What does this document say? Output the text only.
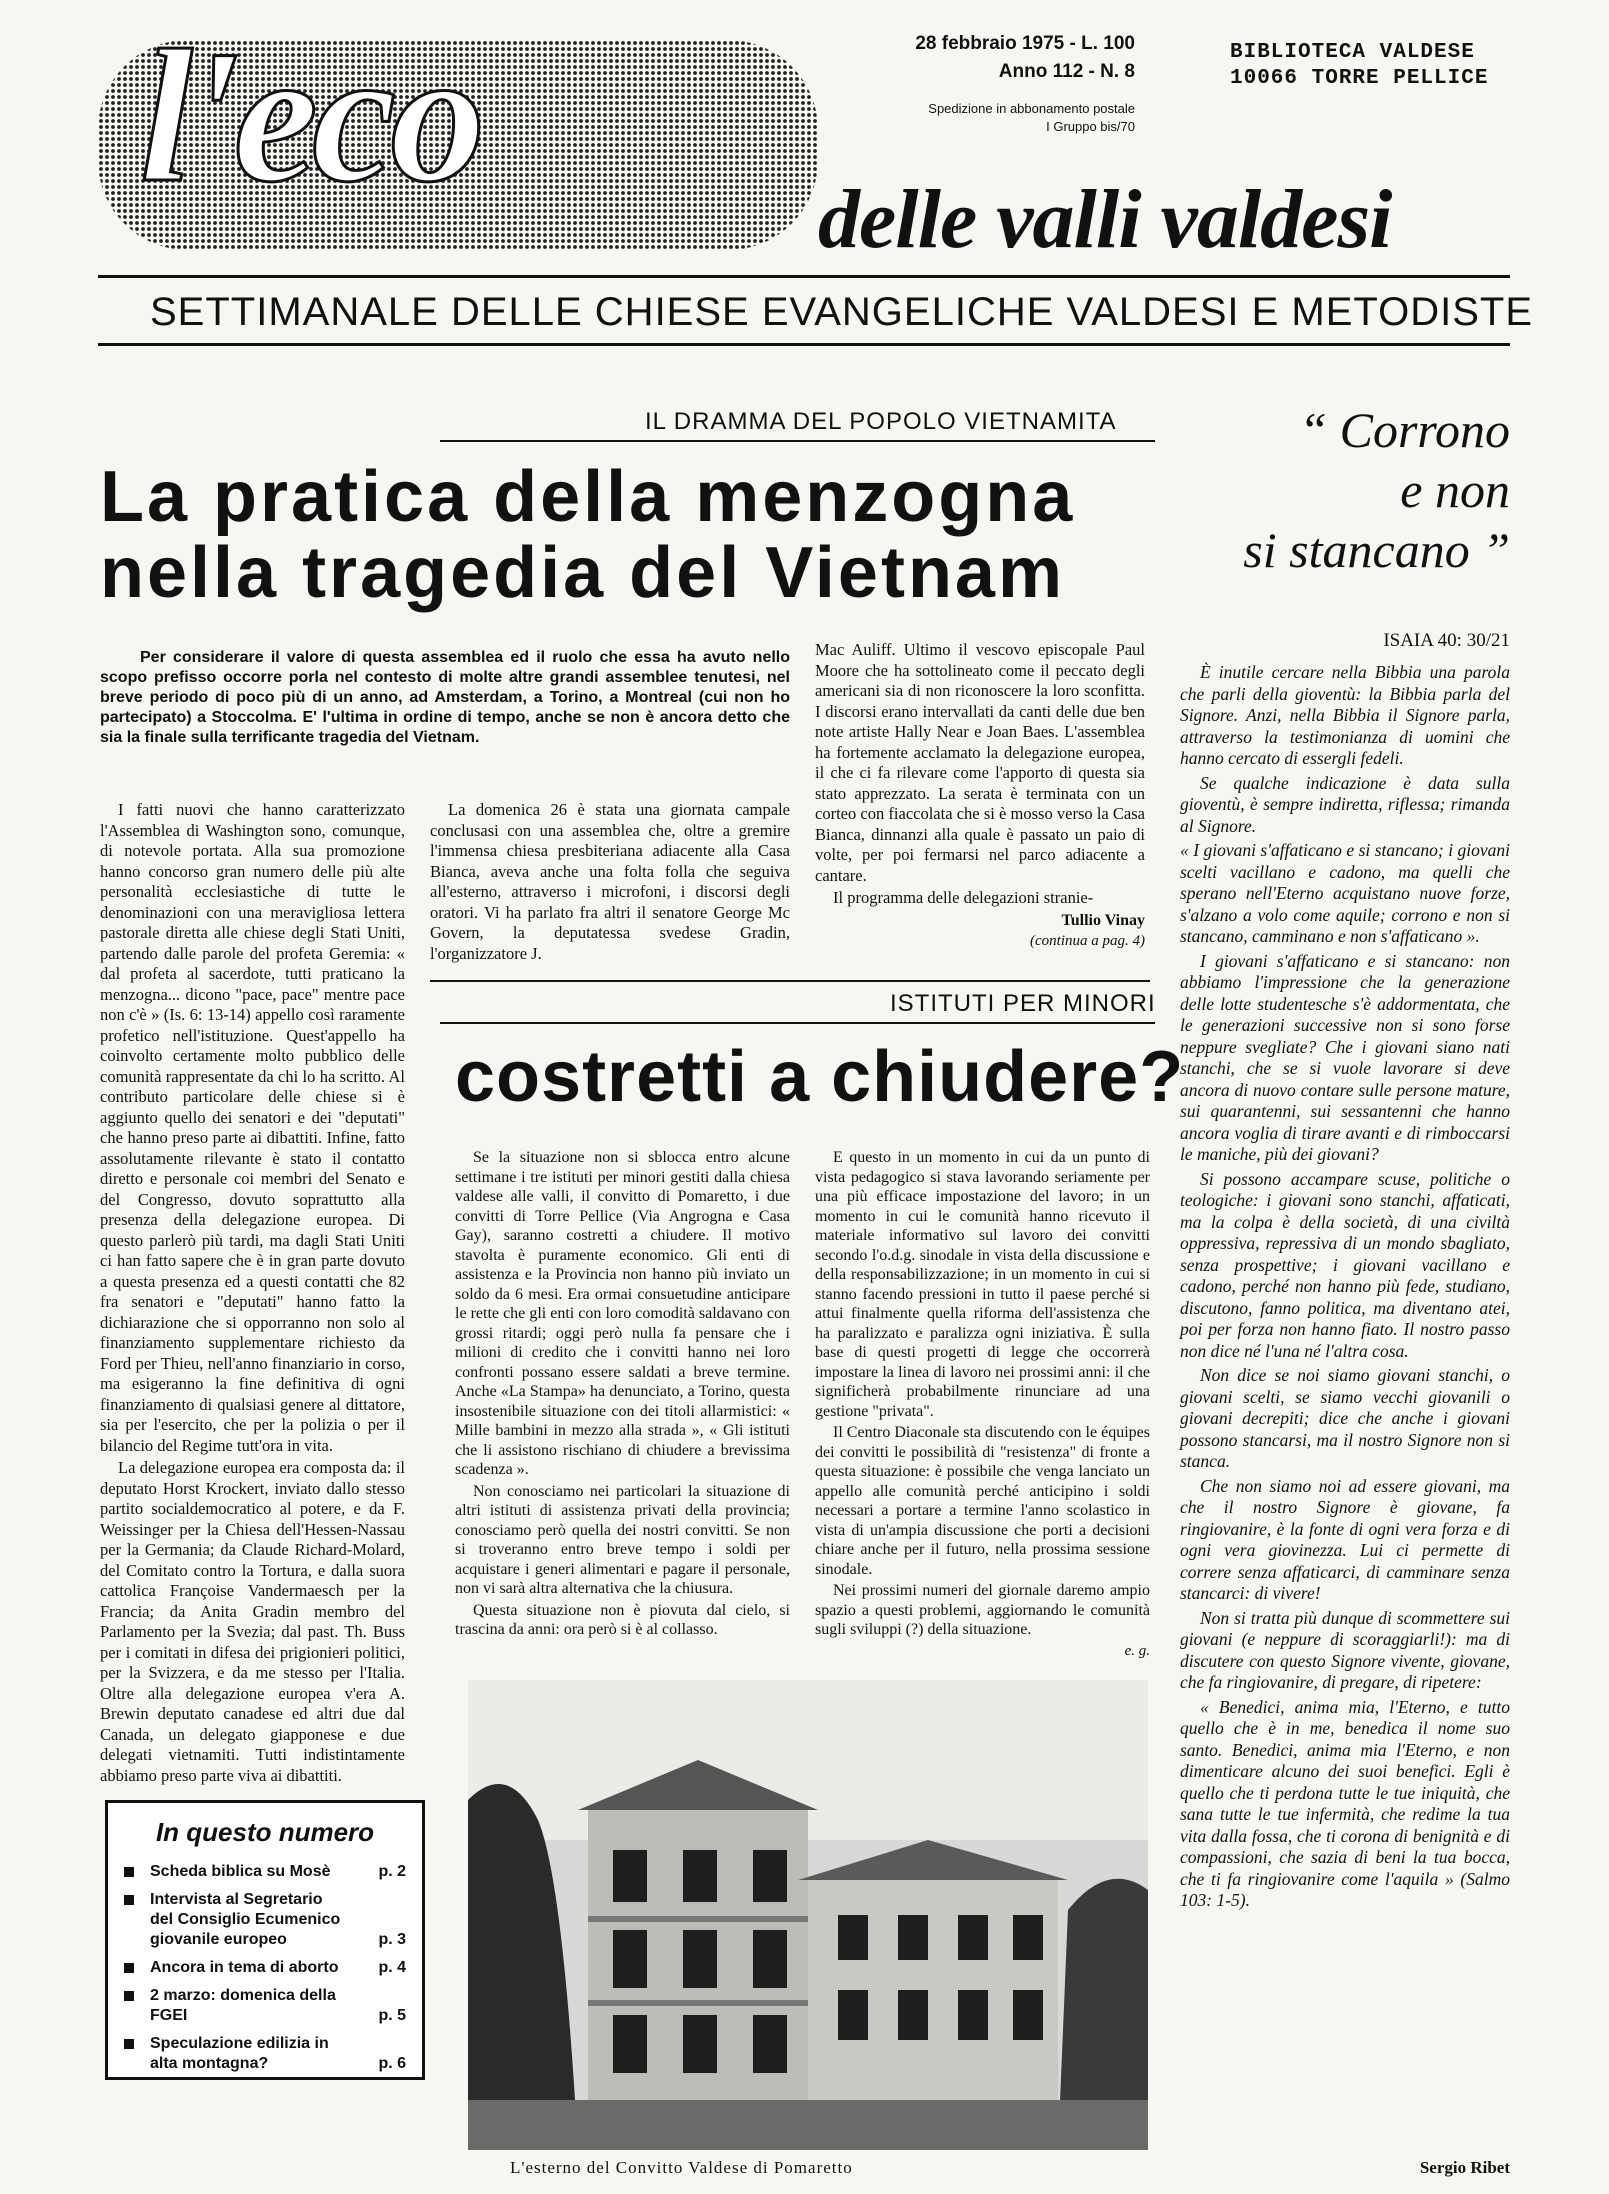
l'eco	delle valli valdesi
28 febbraio 1975 - L. 100
Anno 112 - N. 8
Spedizione in abbonamento postale
I Gruppo bis/70
BIBLIOTECA VALDESE
10066 TORRE PELLICE
SETTIMANALE DELLE CHIESE EVANGELICHE VALDESI E METODISTE
IL DRAMMA DEL POPOLO VIETNAMITA
La pratica della menzogna
nella tragedia del Vietnam
Per considerare il valore di questa assemblea ed il ruolo che essa ha avuto nello scopo prefisso occorre porla nel contesto di molte altre grandi assemblee tenutesi, nel breve periodo di poco più di un anno, ad Amsterdam, a Torino, a Montreal (cui non ho partecipato) a Stoccolma. E' l'ultima in ordine di tempo, anche se non è ancora detto che sia la finale sulla terrificante tragedia del Vietnam.

I fatti nuovi che hanno caratterizzato l'Assemblea di Washington sono, comunque, di notevole portata. Alla sua promozione hanno concorso gran numero delle più alte personalità ecclesiastiche di tutte le denominazioni con una meravigliosa lettera pastorale diretta alle chiese degli Stati Uniti, partendo dalle parole del profeta Geremia: « dal profeta al sacerdote, tutti praticano la menzogna... dicono "pace, pace" mentre pace non c'è » (Is. 6: 13-14) appello così raramente profetico nell'istituzione. Quest'appello ha coinvolto certamente molto pubblico delle comunità rappresentate da chi lo ha scritto. Al contributo particolare delle chiese si è aggiunto quello dei senatori e dei "deputati" che hanno preso parte ai dibattiti. Infine, fatto assolutamente rilevante è stato il contatto diretto e personale coi membri del Senato e del Congresso, dovuto soprattutto alla presenza della delegazione europea. Di questo parlerò più tardi, ma dagli Stati Uniti ci han fatto sapere che è in gran parte dovuto a questa presenza ed a questi contatti che 82 fra senatori e "deputati" hanno fatto la dichiarazione che si opporranno non solo al finanziamento supplementare richiesto da Ford per Thieu, nell'anno finanziario in corso, ma esigeranno la fine definitiva di ogni finanziamento di qualsiasi genere al dittatore, sia per l'esercito, che per la polizia o per il bilancio del Regime tutt'ora in vita.

La delegazione europea era composta da: il deputato Horst Krockert, inviato dallo stesso partito socialdemocratico al potere, e da F. Weissinger per la Chiesa dell'Hessen-Nassau per la Germania; da Claude Richard-Molard, del Comitato contro la Tortura, e dalla suora cattolica Françoise Vandermaesch per la Francia; da Anita Gradin membro del Parlamento per la Svezia; dal past. Th. Buss per i comitati in difesa dei prigionieri politici, per la Svizzera, e da me stesso per l'Italia. Oltre alla delegazione europea v'era A. Brewin deputato canadese ed altri due dal Canada, un delegato giapponese e due delegati vietnamiti. Tutti indistintamente abbiamo preso parte viva ai dibattiti.

La domenica 26 è stata una giornata campale conclusasi con una assemblea che, oltre a gremire l'immensa chiesa presbiteriana adiacente alla Casa Bianca, aveva anche una folta folla che seguiva all'esterno, attraverso i microfoni, i discorsi degli oratori. Vi ha parlato fra altri il senatore George Mc Govern, la deputatessa svedese Gradin, l'organizzatore J.

Mac Auliff. Ultimo il vescovo episcopale Paul Moore che ha sottolineato come il peccato degli americani sia di non riconoscere la loro sconfitta. I discorsi erano intervallati da canti delle due ben note artiste Hally Near e Joan Baes. L'assemblea ha fortemente acclamato la delegazione europea, il che ci fa rilevare come l'apporto di questa sia stato apprezzato. La serata è terminata con un corteo con fiaccolata che si è mosso verso la Casa Bianca, dinnanzi alla quale è passato un paio di volte, per poi fermarsi nel parco adiacente a cantare.

Il programma delle delegazioni stranie-

Tullio Vinay
(continua a pag. 4)
ISTITUTI PER MINORI
costretti a chiudere?

Se la situazione non si sblocca entro alcune settimane i tre istituti per minori gestiti dalla chiesa valdese alle valli, il convitto di Pomaretto, i due convitti di Torre Pellice (Via Angrogna e Casa Gay), saranno costretti a chiudere. Il motivo stavolta è puramente economico. Gli enti di assistenza e la Provincia non hanno più inviato un soldo da 6 mesi. Era ormai consuetudine anticipare le rette che gli enti con loro comodità saldavano con grossi ritardi; oggi però nulla fa pensare che i milioni di credito che i convitti hanno nei loro confronti possano essere saldati a breve termine. Anche «La Stampa» ha denunciato, a Torino, questa insostenibile situazione con dei titoli allarmistici: « Mille bambini in mezzo alla strada », « Gli istituti che li assistono rischiano di chiudere a brevissima scadenza ».

Non conosciamo nei particolari la situazione di altri istituti di assistenza privati della provincia; conosciamo però quella dei nostri convitti. Se non si troveranno entro breve tempo i soldi per acquistare i generi alimentari e pagare il personale, non vi sarà altra alternativa che la chiusura.

Questa situazione non è piovuta dal cielo, si trascina da anni: ora però si è al collasso.

E questo in un momento in cui da un punto di vista pedagogico si stava lavorando seriamente per una più efficace impostazione del lavoro; in un momento in cui le comunità hanno ricevuto il materiale informativo sul lavoro dei convitti secondo l'o.d.g. sinodale in vista della discussione e della responsabilizzazione; in un momento in cui si stanno facendo pressioni in tutto il paese perché si attui finalmente quella riforma dell'assistenza che ha paralizzato e paralizza ogni iniziativa. È sulla base di questi progetti di legge che occorrerà impostare la linea di lavoro nei prossimi anni: il che significherà probabilmente rinunciare ad una gestione "privata".

Il Centro Diaconale sta discutendo con le équipes dei convitti le possibilità di "resistenza" di fronte a questa situazione: è possibile che venga lanciato un appello alle comunità perché anticipino i soldi necessari a portare a termine l'anno scolastico in vista di un'ampia discussione che porti a decisioni chiare anche per il futuro, nella prossima sessione sinodale.

Nei prossimi numeri del giornale daremo ampio spazio a questi problemi, aggiornando le comunità sugli sviluppi (?) della situazione.

e. g.
L'esterno del Convitto Valdese di Pomaretto
In questo numero
Scheda biblica su Mosè	p. 2
Intervista al Segretario del Consiglio Ecumenico giovanile europeo	p. 3
Ancora in tema di aborto	p. 4
2 marzo: domenica della FGEI	p. 5
Speculazione edilizia in alta montagna?	p. 6
“ Corrono
e non
si stancano ”
ISAIA 40: 30/21

È inutile cercare nella Bibbia una parola che parli della gioventù: la Bibbia parla del Signore. Anzi, nella Bibbia il Signore parla, attraverso la testimonianza di uomini che hanno cercato di essergli fedeli.

Se qualche indicazione è data sulla gioventù, è sempre indiretta, riflessa; rimanda al Signore.

« I giovani s'affaticano e si stancano; i giovani scelti vacillano e cadono, ma quelli che sperano nell'Eterno acquistano nuove forze, s'alzano a volo come aquile; corrono e non si stancano, camminano e non s'affaticano ».

I giovani s'affaticano e si stancano: non abbiamo l'impressione che la generazione delle lotte studentesche s'è addormentata, che le generazioni successive non si sono forse neppure svegliate? Che i giovani siano nati stanchi, che se si vuole lavorare si deve ancora di nuovo contare sulle persone mature, sui quarantenni, sui sessantenni che hanno ancora voglia di tirare avanti e di rimboccarsi le maniche, più dei giovani?

Si possono accampare scuse, politiche o teologiche: i giovani sono stanchi, affaticati, ma la colpa è della società, di una civiltà oppressiva, repressiva di un mondo sbagliato, senza prospettive; i giovani vacillano e cadono, perché non hanno più fede, studiano, discutono, fanno politica, ma diventano atei, poi per forza non hanno fiato. Il nostro passo non dice né l'una né l'altra cosa.

Non dice se noi siamo giovani stanchi, o giovani scelti, se siamo vecchi giovanili o giovani decrepiti; dice che anche i giovani possono stancarsi, ma il nostro Signore non si stanca.

Che non siamo noi ad essere giovani, ma che il nostro Signore è giovane, fa ringiovanire, è la fonte di ogni vera forza e di ogni vera giovinezza. Lui ci permette di correre senza affaticarci, di camminare senza stancarci: di vivere!

Non si tratta più dunque di scommettere sui giovani (e neppure di scoraggiarli!): ma di discutere con questo Signore vivente, giovane, che fa ringiovanire, di pregare, di ripetere:

« Benedici, anima mia, l'Eterno, e tutto quello che è in me, benedica il nome suo santo. Benedici, anima mia l'Eterno, e non dimenticare alcuno dei suoi benefici. Egli è quello che ti perdona tutte le tue iniquità, che sana tutte le tue infermità, che redime la tua vita dalla fossa, che ti corona di benignità e di compassioni, che sazia di beni la tua bocca, che ti fa ringiovanire come l'aquila » (Salmo 103: 1-5).

Sergio Ribet
